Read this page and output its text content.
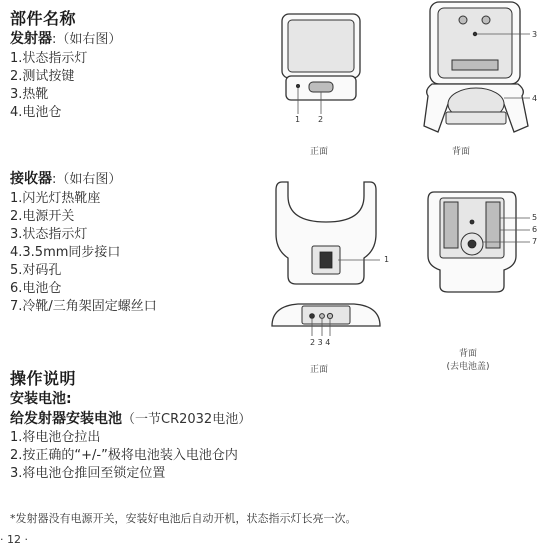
部件名称
发射器:（如右图）
1.状态指示灯
2.测试按键
3.热靴
4.电池仓
接收器:（如右图）
1.闪光灯热靴座
2.电源开关
3.状态指示灯
4.3.5mm同步接口
5.对码孔
6.电池仓
7.冷靴/三角架固定螺丝口
1 2
正面
3
4
背面
1
2 3 4
正面
5
6
7
背面
(去电池盖)
操作说明
安装电池:
给发射器安装电池（一节CR2032电池）
1.将电池仓拉出
2.按正确的“+/-”极将电池装入电池仓内
3.将电池仓推回至锁定位置
*发射器没有电源开关，安装好电池后自动开机，状态指示灯长亮一次。
· 12 ·
